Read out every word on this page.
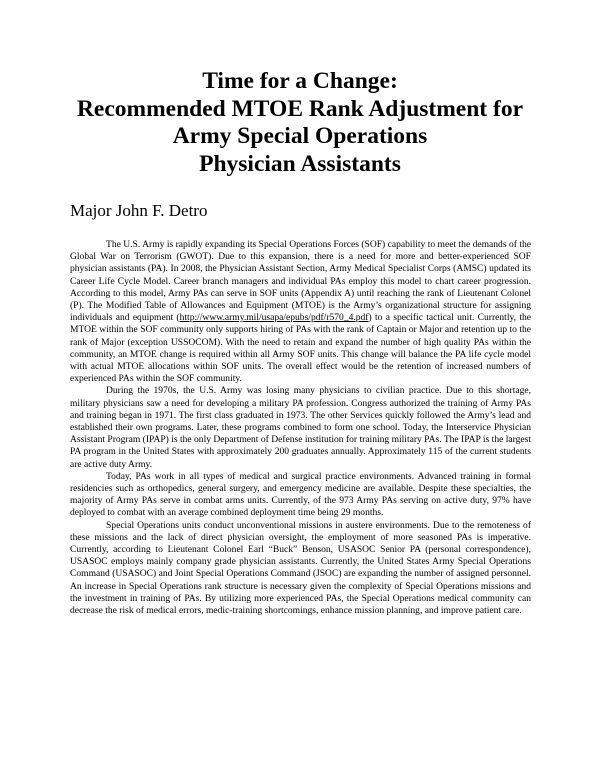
Time for a Change:
Recommended MTOE Rank Adjustment for
Army Special Operations
Physician Assistants
Major John F. Detro

The U.S. Army is rapidly expanding its Special Operations Forces (SOF) capability to meet the demands of the Global War on Terrorism (GWOT). Due to this expansion, there is a need for more and better-experienced SOF physician assistants (PA). In 2008, the Physician Assistant Section, Army Medical Specialist Corps (AMSC) updated its Career Life Cycle Model. Career branch managers and individual PAs employ this model to chart career progression. According to this model, Army PAs can serve in SOF units (Appendix A) until reaching the rank of Lieutenant Colonel (P). The Modified Table of Allowances and Equipment (MTOE) is the Army’s organizational structure for assigning individuals and equipment (http://www.army.mil/usapa/epubs/pdf/r570_4.pdf) to a specific tactical unit. Currently, the MTOE within the SOF community only supports hiring of PAs with the rank of Captain or Major and retention up to the rank of Major (exception USSOCOM). With the need to retain and expand the number of high quality PAs within the community, an MTOE change is required within all Army SOF units. This change will balance the PA life cycle model with actual MTOE allocations within SOF units. The overall effect would be the retention of increased numbers of experienced PAs within the SOF community.

During the 1970s, the U.S. Army was losing many physicians to civilian practice. Due to this shortage, military physicians saw a need for developing a military PA profession. Congress authorized the training of Army PAs and training began in 1971. The first class graduated in 1973. The other Services quickly followed the Army’s lead and established their own programs. Later, these programs combined to form one school. Today, the Interservice Physician Assistant Program (IPAP) is the only Department of Defense institution for training military PAs. The IPAP is the largest PA program in the United States with approximately 200 graduates annually. Approximately 115 of the current students are active duty Army.

Today, PAs work in all types of medical and surgical practice environments. Advanced training in formal residencies such as orthopedics, general surgery, and emergency medicine are available. Despite these specialties, the majority of Army PAs serve in combat arms units. Currently, of the 973 Army PAs serving on active duty, 97% have deployed to combat with an average combined deployment time being 29 months.

Special Operations units conduct unconventional missions in austere environments. Due to the remoteness of these missions and the lack of direct physician oversight, the employment of more seasoned PAs is imperative. Currently, according to Lieutenant Colonel Earl “Buck” Benson, USASOC Senior PA (personal correspondence), USASOC employs mainly company grade physician assistants. Currently, the United States Army Special Operations Command (USASOC) and Joint Special Operations Command (JSOC) are expanding the number of assigned personnel. An increase in Special Operations rank structure is necessary given the complexity of Special Operations missions and the investment in training of PAs. By utilizing more experienced PAs, the Special Operations medical community can decrease the risk of medical errors, medic-training shortcomings, enhance mission planning, and improve patient care.
